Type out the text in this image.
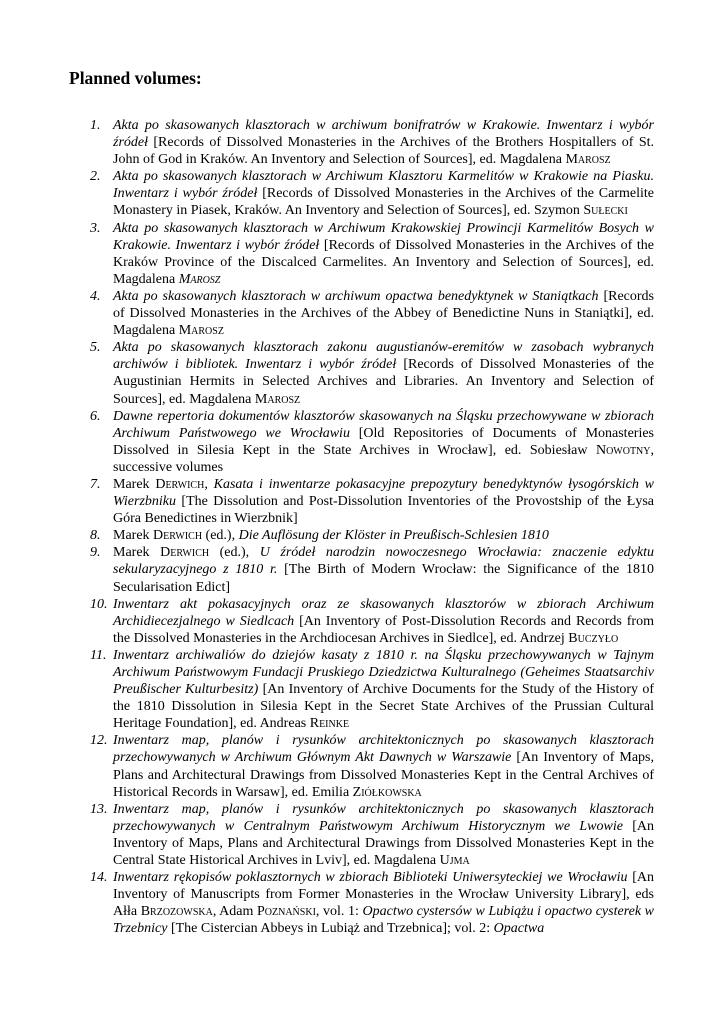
Planned volumes:
1. Akta po skasowanych klasztorach w archiwum bonifratrów w Krakowie. Inwentarz i wybór źródeł [Records of Dissolved Monasteries in the Archives of the Brothers Hospitallers of St. John of God in Kraków. An Inventory and Selection of Sources], ed. Magdalena Marosz
2. Akta po skasowanych klasztorach w Archiwum Klasztoru Karmelitów w Krakowie na Piasku. Inwentarz i wybór źródeł [Records of Dissolved Monasteries in the Archives of the Carmelite Monastery in Piasek, Kraków. An Inventory and Selection of Sources], ed. Szymon Sułecki
3. Akta po skasowanych klasztorach w Archiwum Krakowskiej Prowincji Karmelitów Bosych w Krakowie. Inwentarz i wybór źródeł [Records of Dissolved Monasteries in the Archives of the Kraków Province of the Discalced Carmelites. An Inventory and Selection of Sources], ed. Magdalena Marosz
4. Akta po skasowanych klasztorach w archiwum opactwa benedyktynek w Staniątkach [Records of Dissolved Monasteries in the Archives of the Abbey of Benedictine Nuns in Staniątki], ed. Magdalena Marosz
5. Akta po skasowanych klasztorach zakonu augustianów-eremitów w zasobach wybranych archiwów i bibliotek. Inwentarz i wybór źródeł [Records of Dissolved Monasteries of the Augustinian Hermits in Selected Archives and Libraries. An Inventory and Selection of Sources], ed. Magdalena Marosz
6. Dawne repertoria dokumentów klasztorów skasowanych na Śląsku przechowywane w zbiorach Archiwum Państwowego we Wrocławiu [Old Repositories of Documents of Monasteries Dissolved in Silesia Kept in the State Archives in Wrocław], ed. Sobiesław Nowotny, successive volumes
7. Marek Derwich, Kasata i inwentarze pokasacyjne prepozytury benedyktynów łysogórskich w Wierzbniku [The Dissolution and Post-Dissolution Inventories of the Provostship of the Łysa Góra Benedictines in Wierzbnik]
8. Marek Derwich (ed.), Die Auflösung der Klöster in Preußisch-Schlesien 1810
9. Marek Derwich (ed.), U źródeł narodzin nowoczesnego Wrocławia: znaczenie edyktu sekularyzacyjnego z 1810 r. [The Birth of Modern Wrocław: the Significance of the 1810 Secularisation Edict]
10. Inwentarz akt pokasacyjnych oraz ze skasowanych klasztorów w zbiorach Archiwum Archidiecezjalnego w Siedlcach [An Inventory of Post-Dissolution Records and Records from the Dissolved Monasteries in the Archdiocesan Archives in Siedlce], ed. Andrzej Buczyło
11. Inwentarz archiwaliów do dziejów kasaty z 1810 r. na Śląsku przechowywanych w Tajnym Archiwum Państwowym Fundacji Pruskiego Dziedzictwa Kulturalnego (Geheimes Staatsarchiv Preußischer Kulturbesitz) [An Inventory of Archive Documents for the Study of the History of the 1810 Dissolution in Silesia Kept in the Secret State Archives of the Prussian Cultural Heritage Foundation], ed. Andreas Reinke
12. Inwentarz map, planów i rysunków architektonicznych po skasowanych klasztorach przechowywanych w Archiwum Głównym Akt Dawnych w Warszawie [An Inventory of Maps, Plans and Architectural Drawings from Dissolved Monasteries Kept in the Central Archives of Historical Records in Warsaw], ed. Emilia Ziółkowska
13. Inwentarz map, planów i rysunków architektonicznych po skasowanych klasztorach przechowywanych w Centralnym Państwowym Archiwum Historycznym we Lwowie [An Inventory of Maps, Plans and Architectural Drawings from Dissolved Monasteries Kept in the Central State Historical Archives in Lviv], ed. Magdalena Ujma
14. Inwentarz rękopisów poklasztornych w zbiorach Biblioteki Uniwersyteckiej we Wrocławiu [An Inventory of Manuscripts from Former Monasteries in the Wrocław University Library], eds Ałła Brzozowska, Adam Poznański, vol. 1: Opactwo cystersów w Lubiążu i opactwo cysterek w Trzebnicy [The Cistercian Abbeys in Lubiąż and Trzebnica]; vol. 2: Opactwa
